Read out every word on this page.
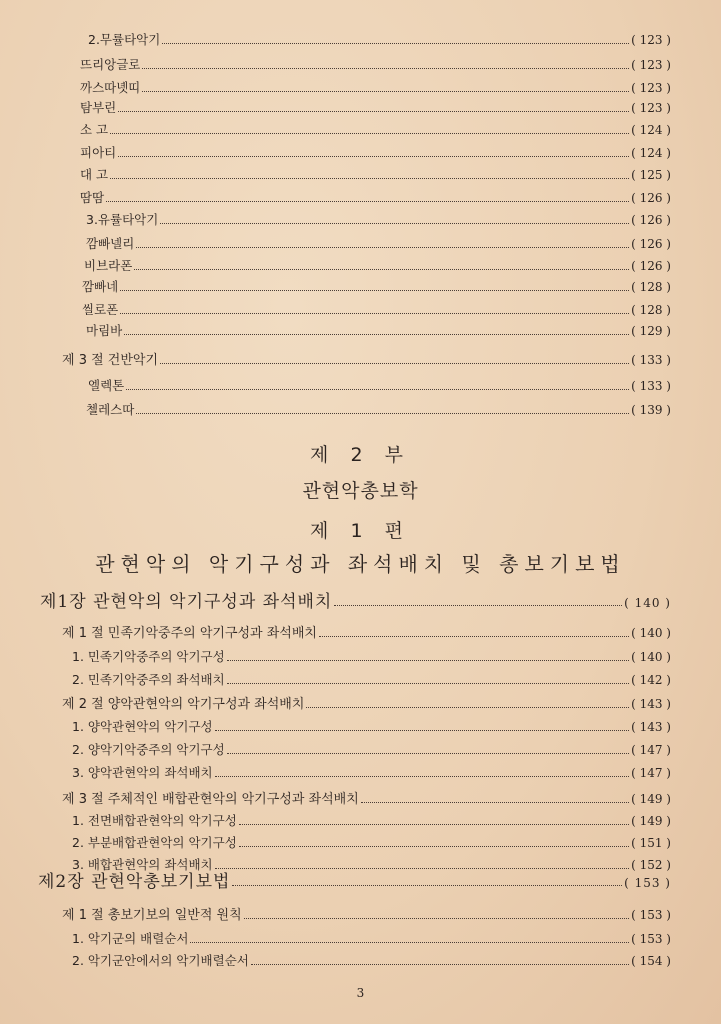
2.무률타악기	( 123 )
뜨리앙글로	( 123 )
까스따녯띠	( 123 )
탐부린	( 123 )
소 고	( 124 )
피아티	( 124 )
대 고	( 125 )
땀땀	( 126 )
3.유률타악기	( 126 )
깜빠넬리	( 126 )
비브라폰	( 126 )
깜빠네	( 128 )
씰로폰	( 128 )
마림바	( 129 )
제 3 절 건반악기	( 133 )
엘렉톤	( 133 )
첼레스따	( 139 )
제 2 부
관현악총보학
제 1 편
관현악의 악기구성과 좌석배치 및 총보기보법
제1장 관현악의 악기구성과 좌석배치	( 140 )
제 1 절 민족기악중주의 악기구성과 좌석배치	( 140 )
1. 민족기악중주의 악기구성	( 140 )
2. 민족기악중주의 좌석배치	( 142 )
제 2 절 양악관현악의 악기구성과 좌석배치	( 143 )
1. 양악관현악의 악기구성	( 143 )
2. 양악기악중주의 악기구성	( 147 )
3. 양악관현악의 좌석배치	( 147 )
제 3 절 주체적인 배합관현악의 악기구성과 좌석배치	( 149 )
1. 전면배합관현악의 악기구성	( 149 )
2. 부분배합관현악의 악기구성	( 151 )
3. 배합관현악의 좌석배치	( 152 )
제2장 관현악총보기보법	( 153 )
제 1 절 총보기보의 일반적 원칙	( 153 )
1. 악기군의 배렬순서	( 153 )
2. 악기군안에서의 악기배렬순서	( 154 )
3
